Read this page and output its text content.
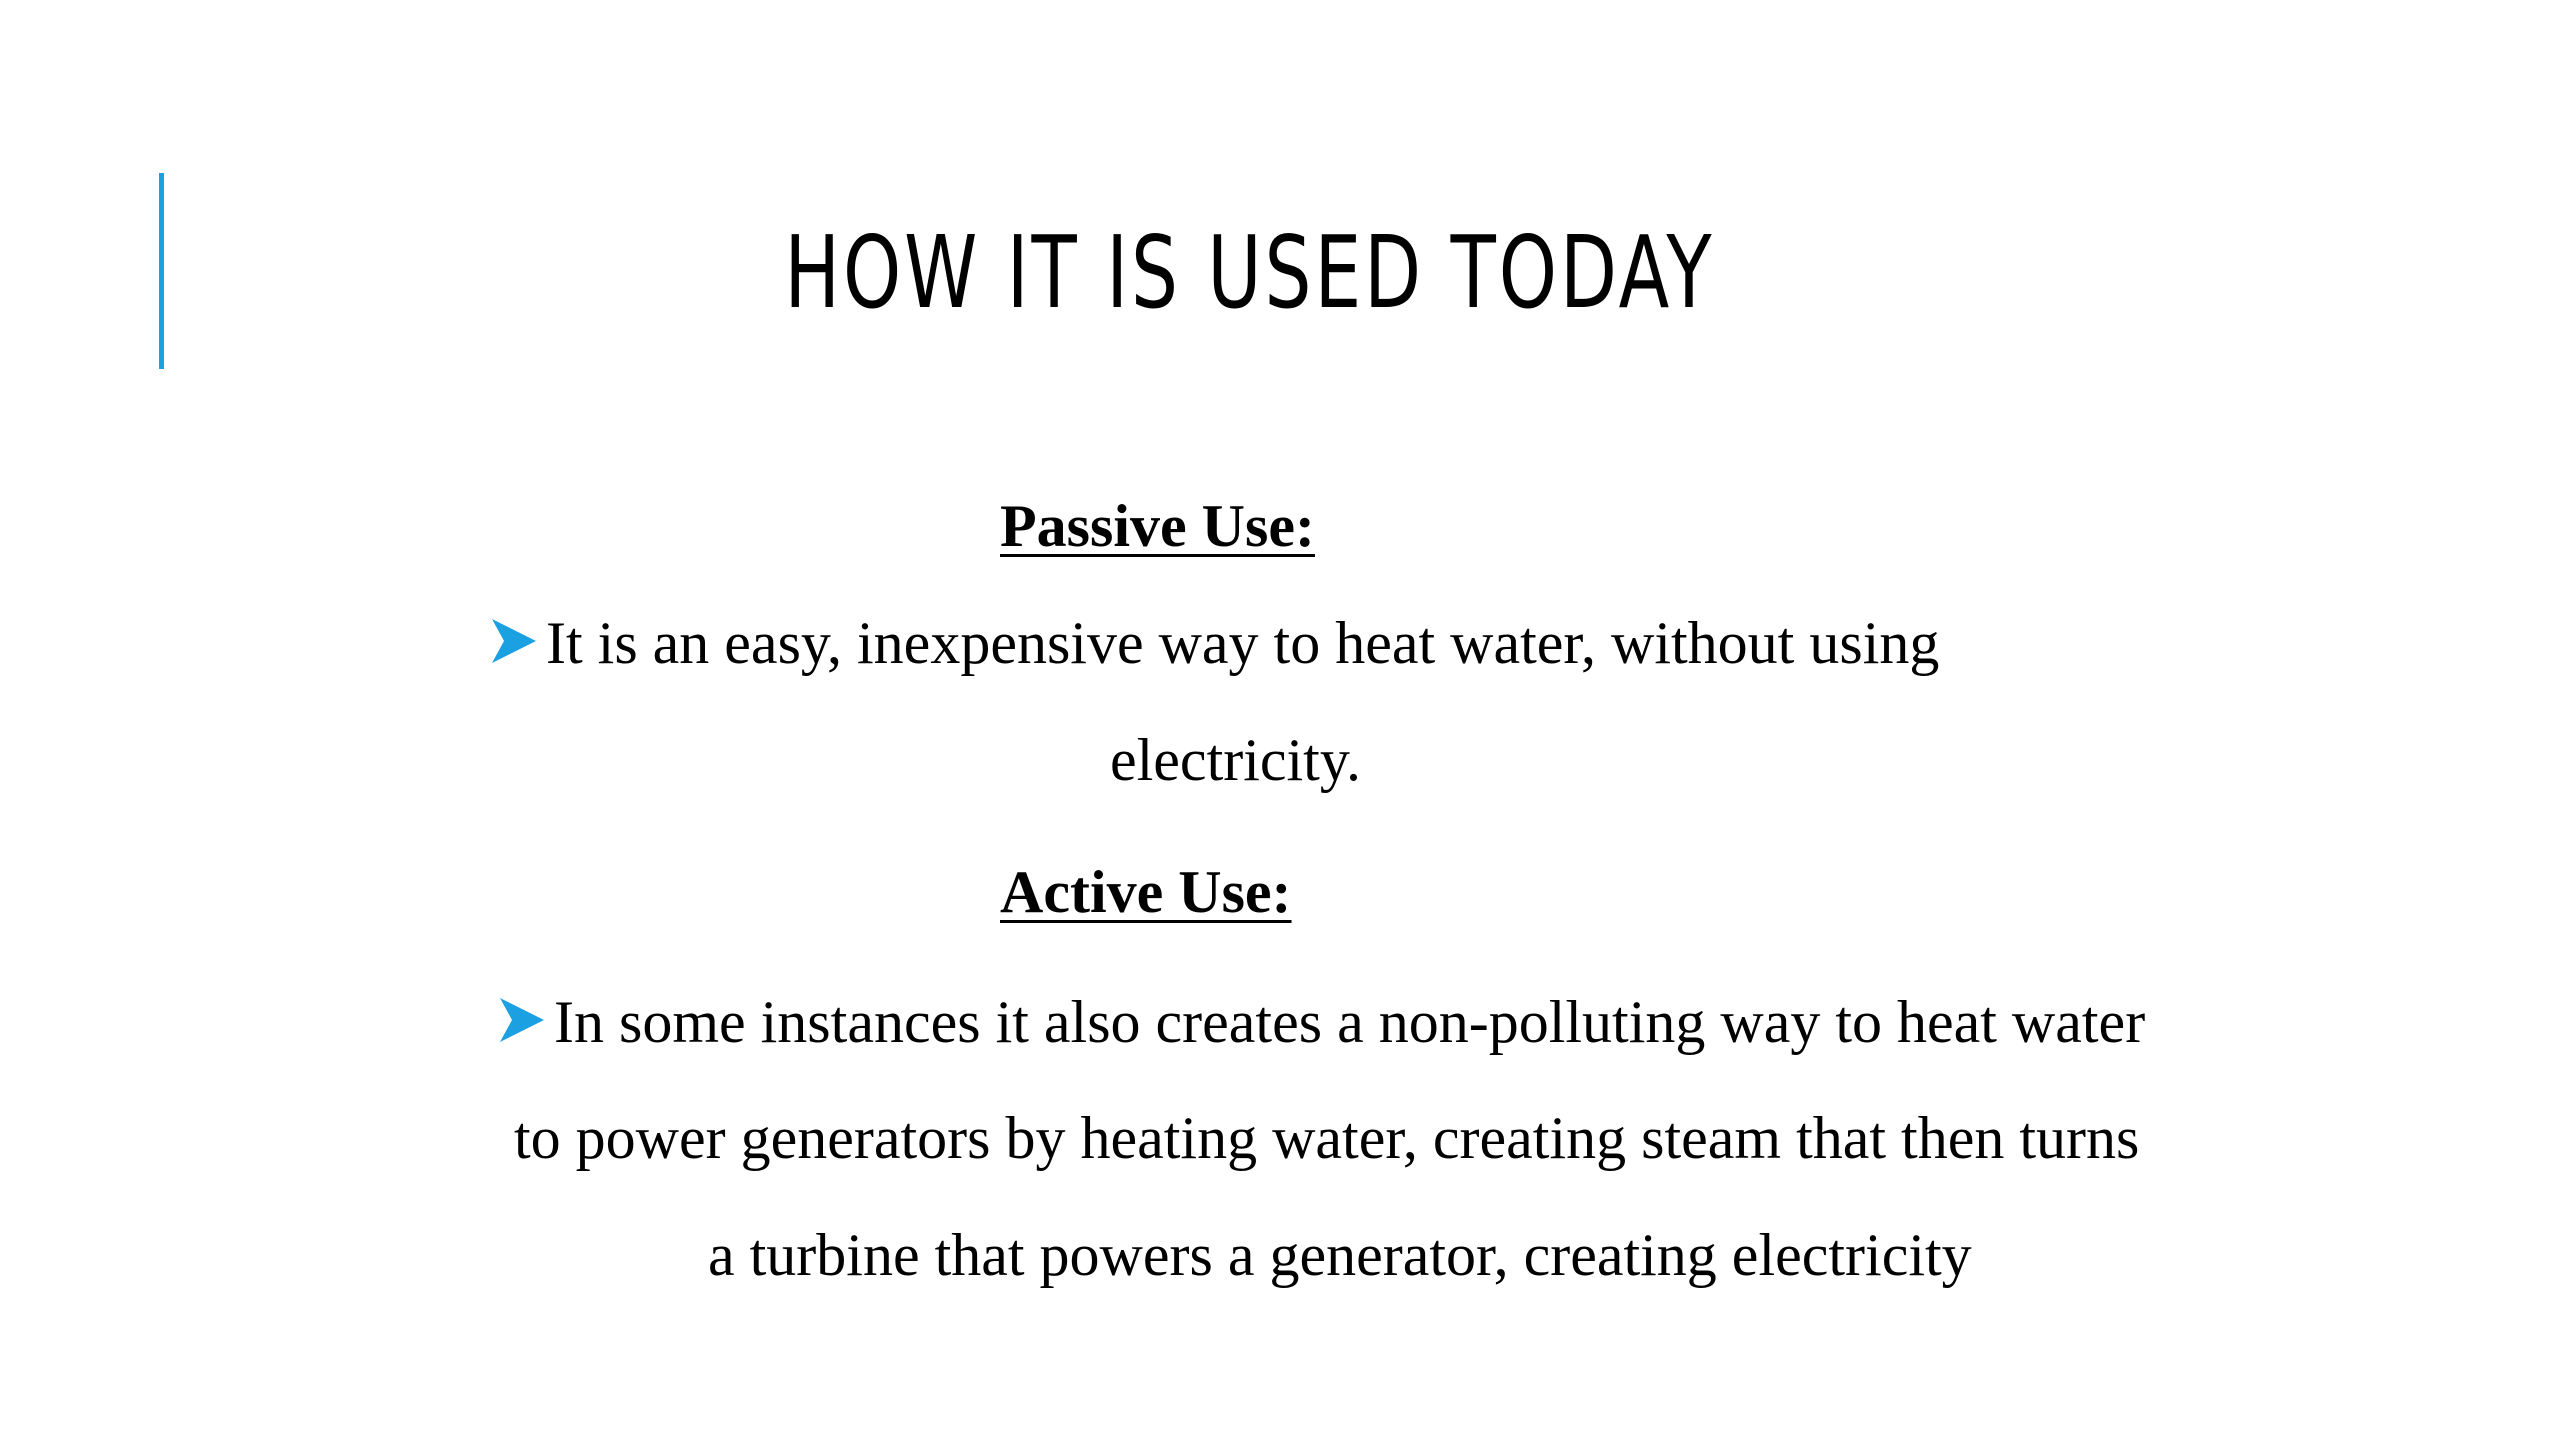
HOW IT IS USED TODAY
Passive Use:
It is an easy, inexpensive way to heat water, without using
electricity.
Active Use:
In some instances it also creates a non-polluting way to heat water
to power generators by heating water, creating steam that then turns
a turbine that powers a generator, creating electricity
